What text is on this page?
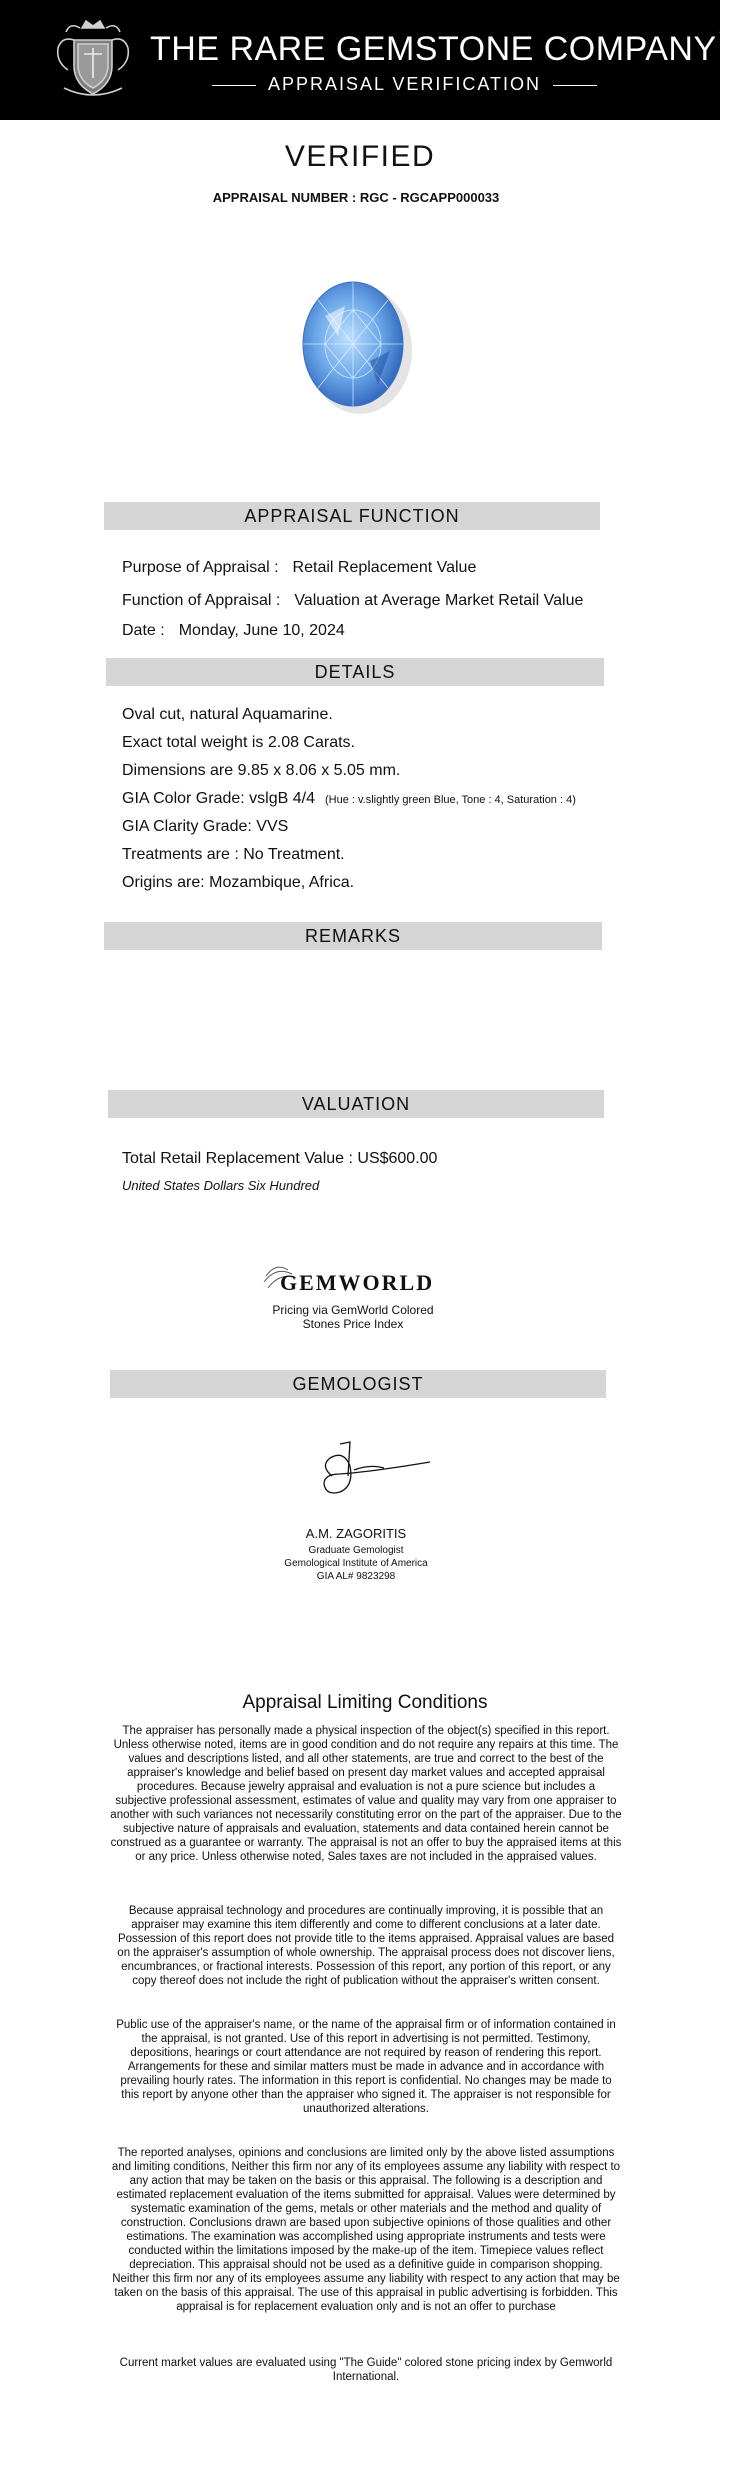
THE RARE GEMSTONE COMPANY ™
APPRAISAL VERIFICATION
VERIFIED
APPRAISAL NUMBER : RGC - RGCAPP000033
APPRAISAL FUNCTION
Purpose of Appraisal : Retail Replacement Value
Function of Appraisal : Valuation at Average Market Retail Value
Date : Monday, June 10, 2024
DETAILS
Oval cut, natural Aquamarine.
Exact total weight is 2.08 Carats.
Dimensions are 9.85 x 8.06 x 5.05 mm.
GIA Color Grade: vslgB 4/4 (Hue : v.slightly green Blue, Tone : 4, Saturation : 4)
GIA Clarity Grade: VVS
Treatments are : No Treatment.
Origins are: Mozambique, Africa.
REMARKS
VALUATION
Total Retail Replacement Value : US$600.00
United States Dollars Six Hundred
GEMWORLD
Pricing via GemWorld Colored
Stones Price Index
GEMOLOGIST
A.M. ZAGORITIS
Graduate Gemologist
Gemological Institute of America
GIA AL# 9823298
Appraisal Limiting Conditions

The appraiser has personally made a physical inspection of the object(s) specified in this report. Unless otherwise noted, items are in good condition and do not require any repairs at this time. The values and descriptions listed, and all other statements, are true and correct to the best of the appraiser's knowledge and belief based on present day market values and accepted appraisal procedures. Because jewelry appraisal and evaluation is not a pure science but includes a subjective professional assessment, estimates of value and quality may vary from one appraiser to another with such variances not necessarily constituting error on the part of the appraiser. Due to the subjective nature of appraisals and evaluation, statements and data contained herein cannot be construed as a guarantee or warranty. The appraisal is not an offer to buy the appraised items at this or any price. Unless otherwise noted, Sales taxes are not included in the appraised values.

Because appraisal technology and procedures are continually improving, it is possible that an appraiser may examine this item differently and come to different conclusions at a later date. Possession of this report does not provide title to the items appraised. Appraisal values are based on the appraiser's assumption of whole ownership. The appraisal process does not discover liens, encumbrances, or fractional interests. Possession of this report, any portion of this report, or any copy thereof does not include the right of publication without the appraiser's written consent.

Public use of the appraiser's name, or the name of the appraisal firm or of information contained in the appraisal, is not granted. Use of this report in advertising is not permitted. Testimony, depositions, hearings or court attendance are not required by reason of rendering this report. Arrangements for these and similar matters must be made in advance and in accordance with prevailing hourly rates. The information in this report is confidential. No changes may be made to this report by anyone other than the appraiser who signed it. The appraiser is not responsible for unauthorized alterations.

The reported analyses, opinions and conclusions are limited only by the above listed assumptions and limiting conditions, Neither this firm nor any of its employees assume any liability with respect to any action that may be taken on the basis or this appraisal. The following is a description and estimated replacement evaluation of the items submitted for appraisal. Values were determined by systematic examination of the gems, metals or other materials and the method and quality of construction. Conclusions drawn are based upon subjective opinions of those qualities and other estimations. The examination was accomplished using appropriate instruments and tests were conducted within the limitations imposed by the make-up of the item. Timepiece values reflect depreciation. This appraisal should not be used as a definitive guide in comparison shopping. Neither this firm nor any of its employees assume any liability with respect to any action that may be taken on the basis of this appraisal. The use of this appraisal in public advertising is forbidden. This appraisal is for replacement evaluation only and is not an offer to purchase

Current market values are evaluated using "The Guide" colored stone pricing index by Gemworld International.
